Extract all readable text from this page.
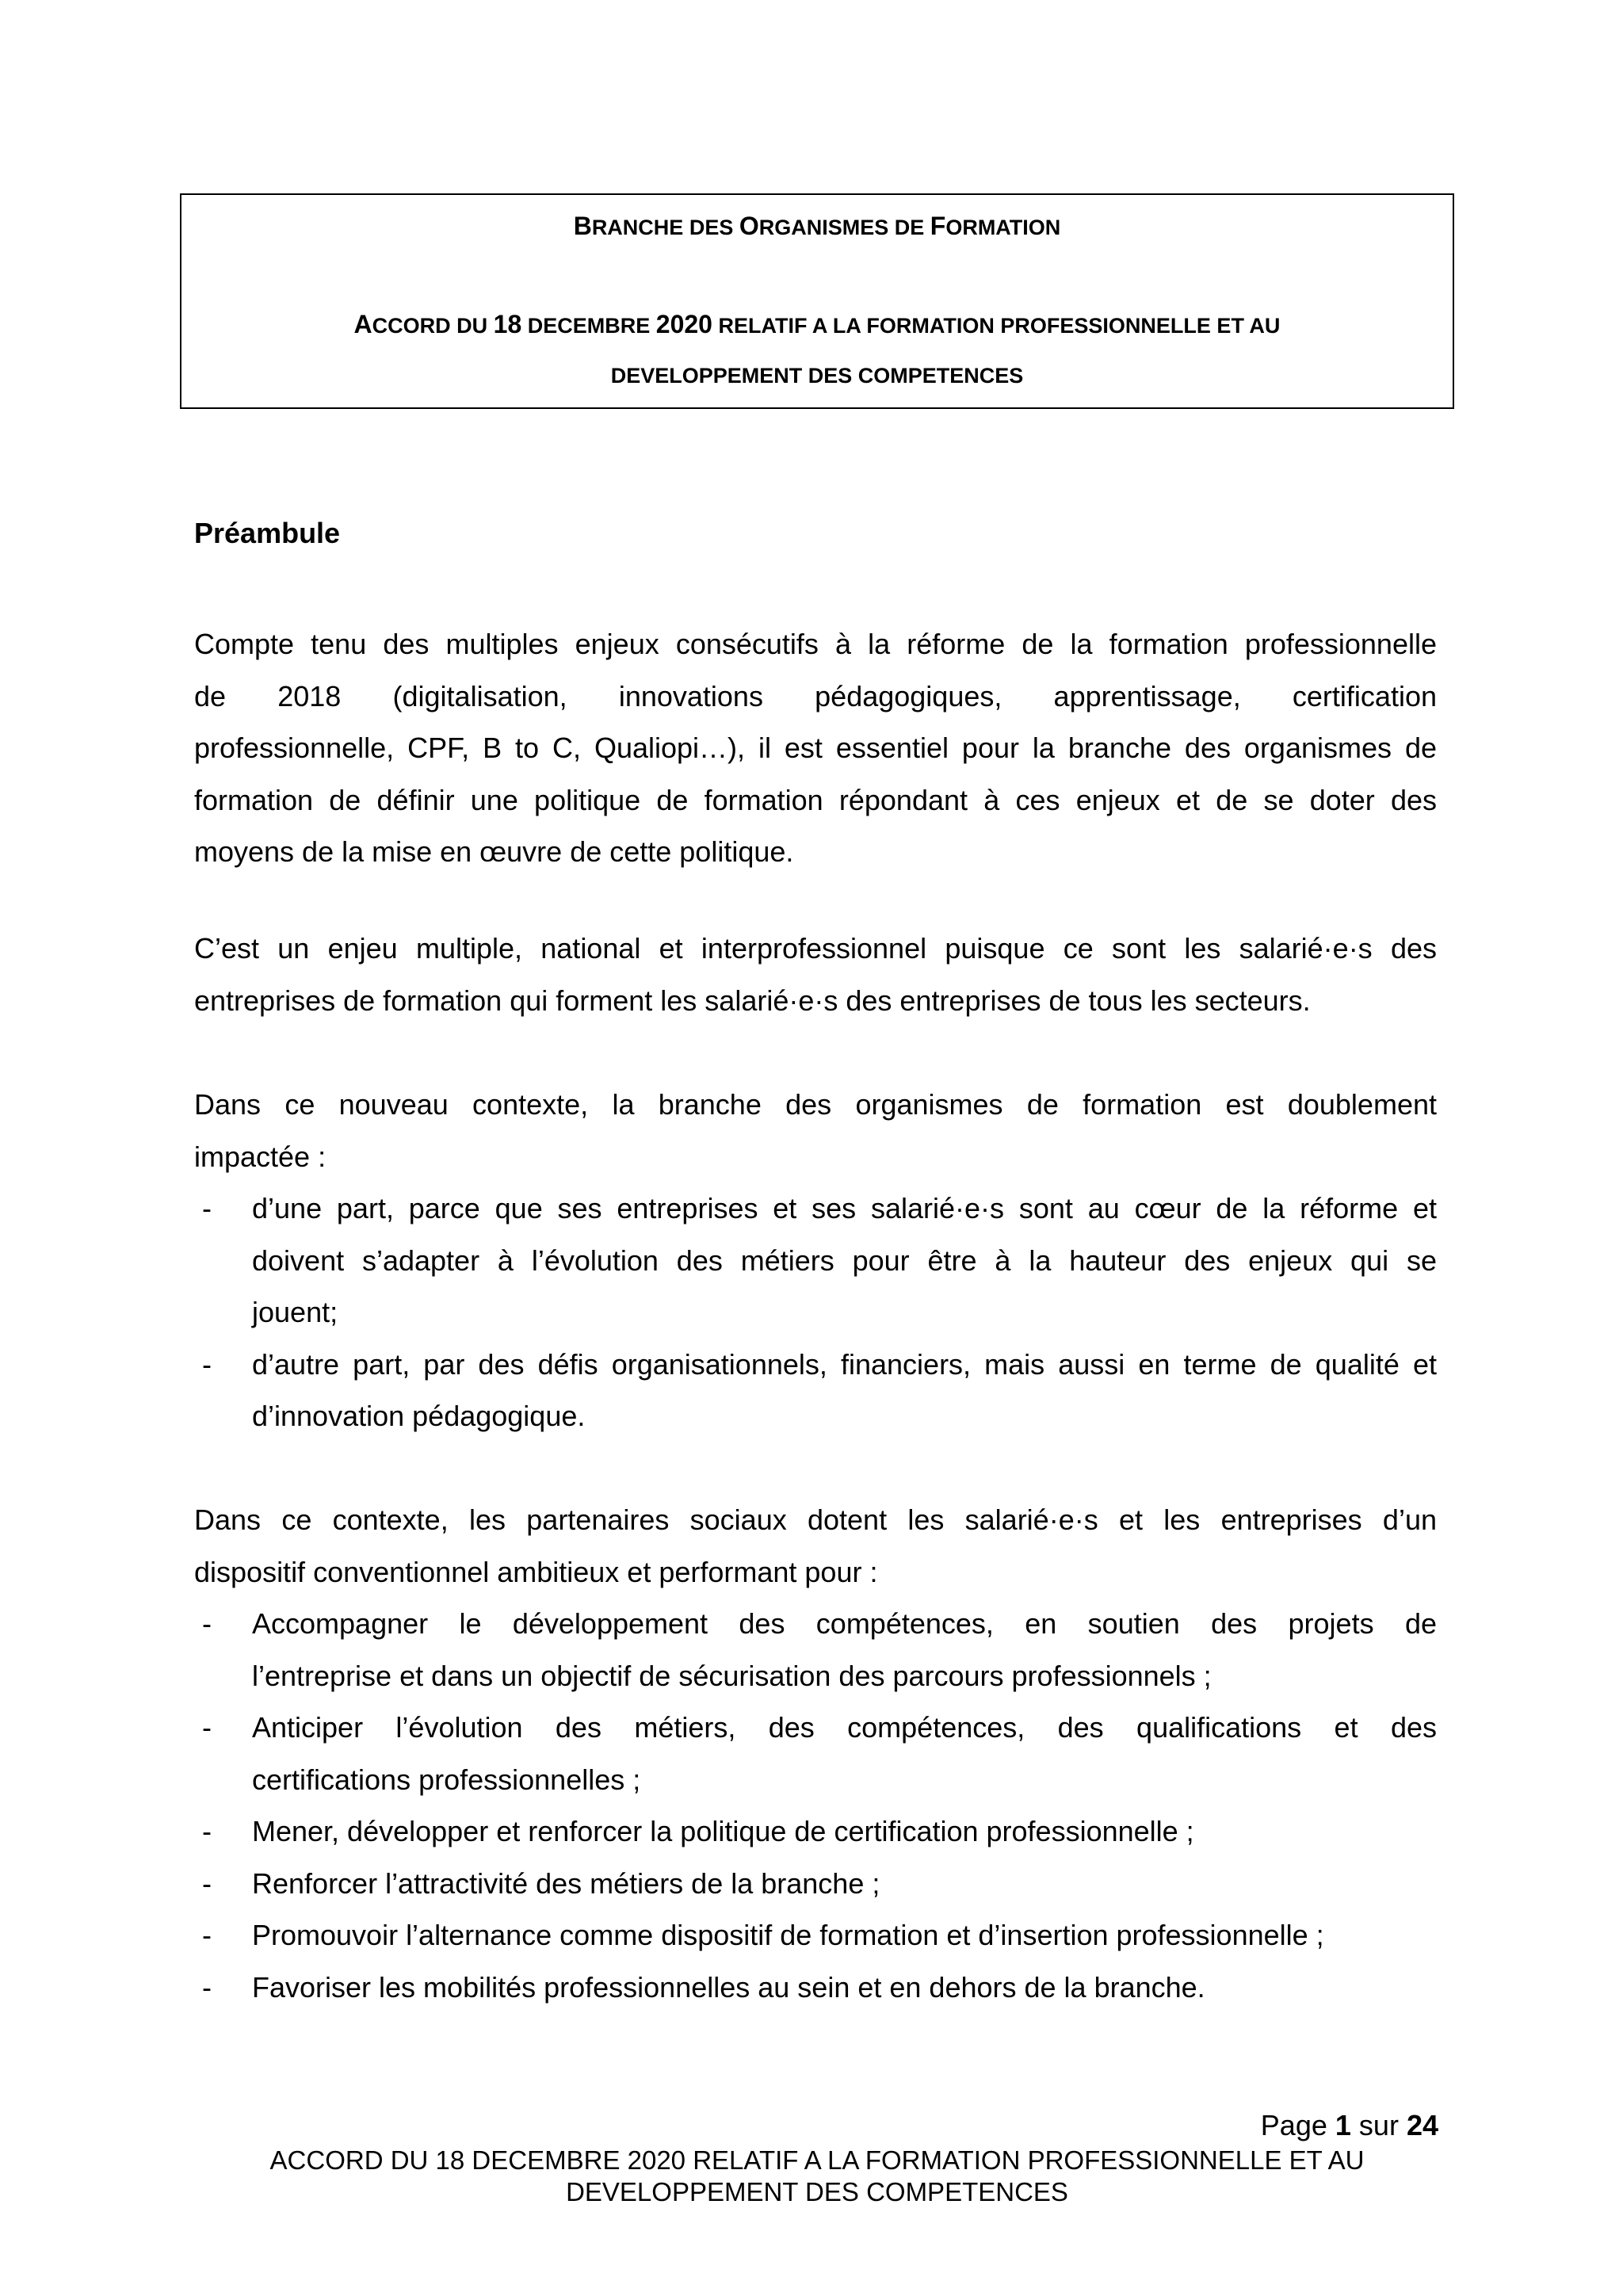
BRANCHE DES ORGANISMES DE FORMATION
ACCORD DU 18 DECEMBRE 2020 RELATIF A LA FORMATION PROFESSIONNELLE ET AU
DEVELOPPEMENT DES COMPETENCES
Préambule
Compte tenu des multiples enjeux consécutifs à la réforme de la formation professionnelle
de 2018 (digitalisation, innovations pédagogiques, apprentissage, certification
professionnelle, CPF, B to C, Qualiopi…), il est essentiel pour la branche des organismes de
formation de définir une politique de formation répondant à ces enjeux et de se doter des
moyens de la mise en œuvre de cette politique.
C’est un enjeu multiple, national et interprofessionnel puisque ce sont les salarié·e·s des
entreprises de formation qui forment les salarié·e·s des entreprises de tous les secteurs.
Dans ce nouveau contexte, la branche des organismes de formation est doublement
impactée :
- d’une part, parce que ses entreprises et ses salarié·e·s sont au cœur de la réforme et
doivent s’adapter à l’évolution des métiers pour être à la hauteur des enjeux qui se
jouent;
- d’autre part, par des défis organisationnels, financiers, mais aussi en terme de qualité et
d’innovation pédagogique.
Dans ce contexte, les partenaires sociaux dotent les salarié·e·s et les entreprises d’un
dispositif conventionnel ambitieux et performant pour :
- Accompagner le développement des compétences, en soutien des projets de
l’entreprise et dans un objectif de sécurisation des parcours professionnels ;
- Anticiper l’évolution des métiers, des compétences, des qualifications et des
certifications professionnelles ;
- Mener, développer et renforcer la politique de certification professionnelle ;
- Renforcer l’attractivité des métiers de la branche ;
- Promouvoir l’alternance comme dispositif de formation et d’insertion professionnelle ;
- Favoriser les mobilités professionnelles au sein et en dehors de la branche.
Page 1 sur 24
ACCORD DU 18 DECEMBRE 2020 RELATIF A LA FORMATION PROFESSIONNELLE ET AU
DEVELOPPEMENT DES COMPETENCES
